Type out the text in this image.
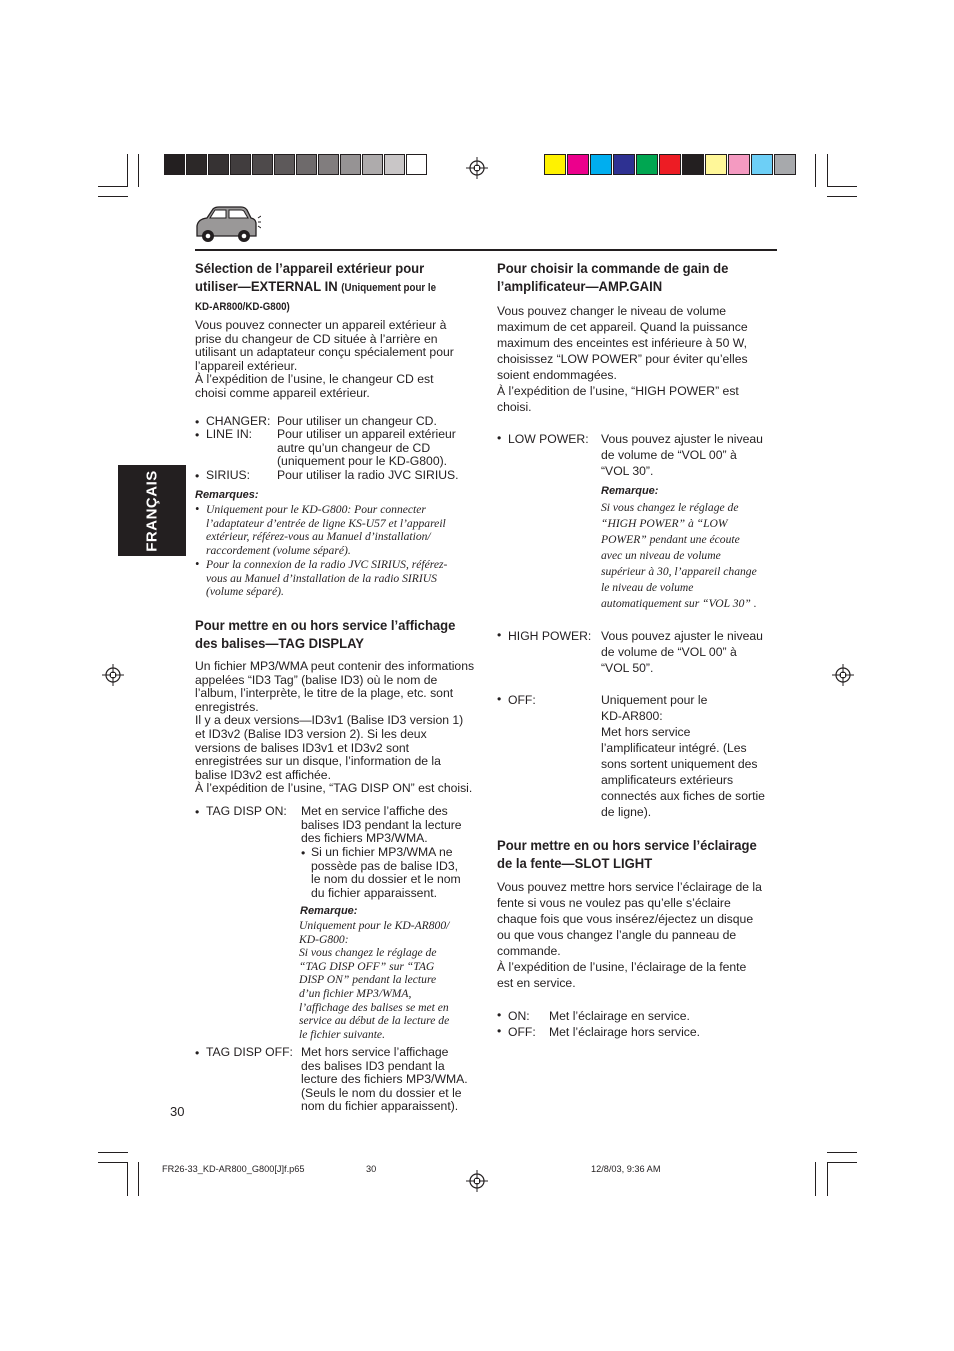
FRANÇAIS
Sélection de l’appareil extérieur pour
utiliser—EXTERNAL IN (Uniquement pour le
KD-AR800/KD-G800)
Vous pouvez connecter un appareil extérieur à
prise du changeur de CD située à l’arrière en
utilisant un adaptateur conçu spécialement pour
l’appareil extérieur.
À l’expédition de l’usine, le changeur CD est
choisi comme appareil extérieur.
• CHANGER: Pour utiliser un changeur CD.
• LINE IN: Pour utiliser un appareil extérieur
autre qu’un changeur de CD
(uniquement pour le KD-G800).
• SIRIUS: Pour utiliser la radio JVC SIRIUS.
Remarques:
• Uniquement pour le KD-G800: Pour connecter
l’adaptateur d’entrée de ligne KS-U57 et l’appareil
extérieur, référez-vous au Manuel d’installation/
raccordement (volume séparé).
• Pour la connexion de la radio JVC SIRIUS, référez-
vous au Manuel d’installation de la radio SIRIUS
(volume séparé).
Pour mettre en ou hors service l’affichage
des balises—TAG DISPLAY
Un fichier MP3/WMA peut contenir des informations
appelées “ID3 Tag” (balise ID3) où le nom de
l’album, l’interprète, le titre de la plage, etc. sont
enregistrés.
Il y a deux versions—ID3v1 (Balise ID3 version 1)
et ID3v2 (Balise ID3 version 2). Si les deux
versions de balises ID3v1 et ID3v2 sont
enregistrées sur un disque, l’information de la
balise ID3v2 est affichée.
À l’expédition de l’usine, “TAG DISP ON” est choisi.
• TAG DISP ON: Met en service l’affiche des
balises ID3 pendant la lecture
des fichiers MP3/WMA.
• Si un fichier MP3/WMA ne
possède pas de balise ID3,
le nom du dossier et le nom
du fichier apparaissent.
Remarque:
Uniquement pour le KD-AR800/
KD-G800:
Si vous changez le réglage de
“TAG DISP OFF” sur “TAG
DISP ON” pendant la lecture
d’un fichier MP3/WMA,
l’affichage des balises se met en
service au début de la lecture de
le fichier suivante.
• TAG DISP OFF: Met hors service l’affichage
des balises ID3 pendant la
lecture des fichiers MP3/WMA.
(Seuls le nom du dossier et le
nom du fichier apparaissent).
30
Pour choisir la commande de gain de
l’amplificateur—AMP.GAIN
Vous pouvez changer le niveau de volume
maximum de cet appareil. Quand la puissance
maximum des enceintes est inférieure à 50 W,
choisissez “LOW POWER” pour éviter qu’elles
soient endommagées.
À l’expédition de l’usine, “HIGH POWER” est
choisi.
• LOW POWER: Vous pouvez ajuster le niveau
de volume de “VOL 00” à
“VOL 30”.
Remarque:
Si vous changez le réglage de
“HIGH POWER” à “LOW
POWER” pendant une écoute
avec un niveau de volume
supérieur à 30, l’appareil change
le niveau de volume
automatiquement sur “VOL 30” .
• HIGH POWER: Vous pouvez ajuster le niveau
de volume de “VOL 00” à
“VOL 50”.
• OFF:	Uniquement pour le
KD-AR800:
Met hors service
l’amplificateur intégré. (Les
sons sortent uniquement des
amplificateurs extérieurs
connectés aux fiches de sortie
de ligne).
Pour mettre en ou hors service l’éclairage
de la fente—SLOT LIGHT
Vous pouvez mettre hors service l’éclairage de la
fente si vous ne voulez pas qu’elle s’éclaire
chaque fois que vous insérez/éjectez un disque
ou que vous changez l’angle du panneau de
commande.
À l’expédition de l’usine, l’éclairage de la fente
est en service.
• ON: Met l’éclairage en service.
• OFF: Met l’éclairage hors service.
FR26-33_KD-AR800_G800[J]f.p65	30	12/8/03, 9:36 AM
